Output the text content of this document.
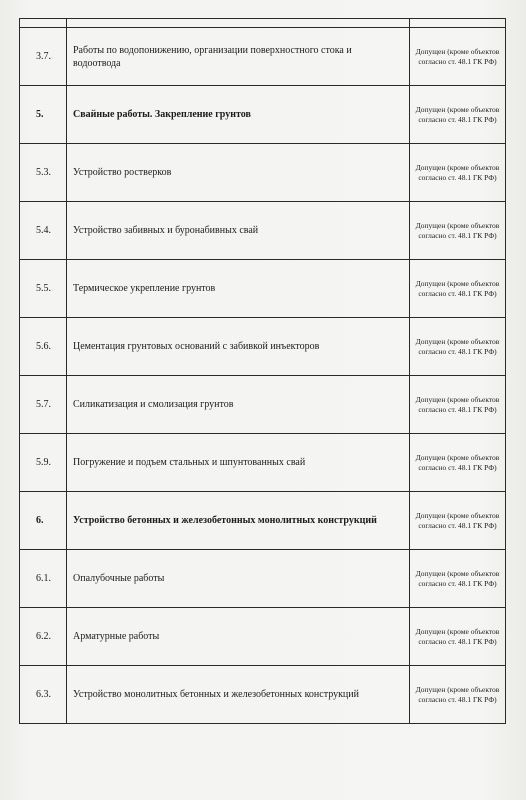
3.7.	Работы по водопонижению, организации поверхностного стока и водоотвода	Допущен (кроме объектов согласно ст. 48.1 ГК РФ)
5.	Свайные работы. Закрепление грунтов	Допущен (кроме объектов согласно ст. 48.1 ГК РФ)
5.3.	Устройство ростверков	Допущен (кроме объектов согласно ст. 48.1 ГК РФ)
5.4.	Устройство забивных и буронабивных свай	Допущен (кроме объектов согласно ст. 48.1 ГК РФ)
5.5.	Термическое укрепление грунтов	Допущен (кроме объектов согласно ст. 48.1 ГК РФ)
5.6.	Цементация грунтовых оснований с забивкой инъекторов	Допущен (кроме объектов согласно ст. 48.1 ГК РФ)
5.7.	Силикатизация и смолизация грунтов	Допущен (кроме объектов согласно ст. 48.1 ГК РФ)
5.9.	Погружение и подъем стальных и шпунтованных свай	Допущен (кроме объектов согласно ст. 48.1 ГК РФ)
6.	Устройство бетонных и железобетонных монолитных конструкций	Допущен (кроме объектов согласно ст. 48.1 ГК РФ)
6.1.	Опалубочные работы	Допущен (кроме объектов согласно ст. 48.1 ГК РФ)
6.2.	Арматурные работы	Допущен (кроме объектов согласно ст. 48.1 ГК РФ)
6.3.	Устройство монолитных бетонных и железобетонных конструкций	Допущен (кроме объектов согласно ст. 48.1 ГК РФ)
